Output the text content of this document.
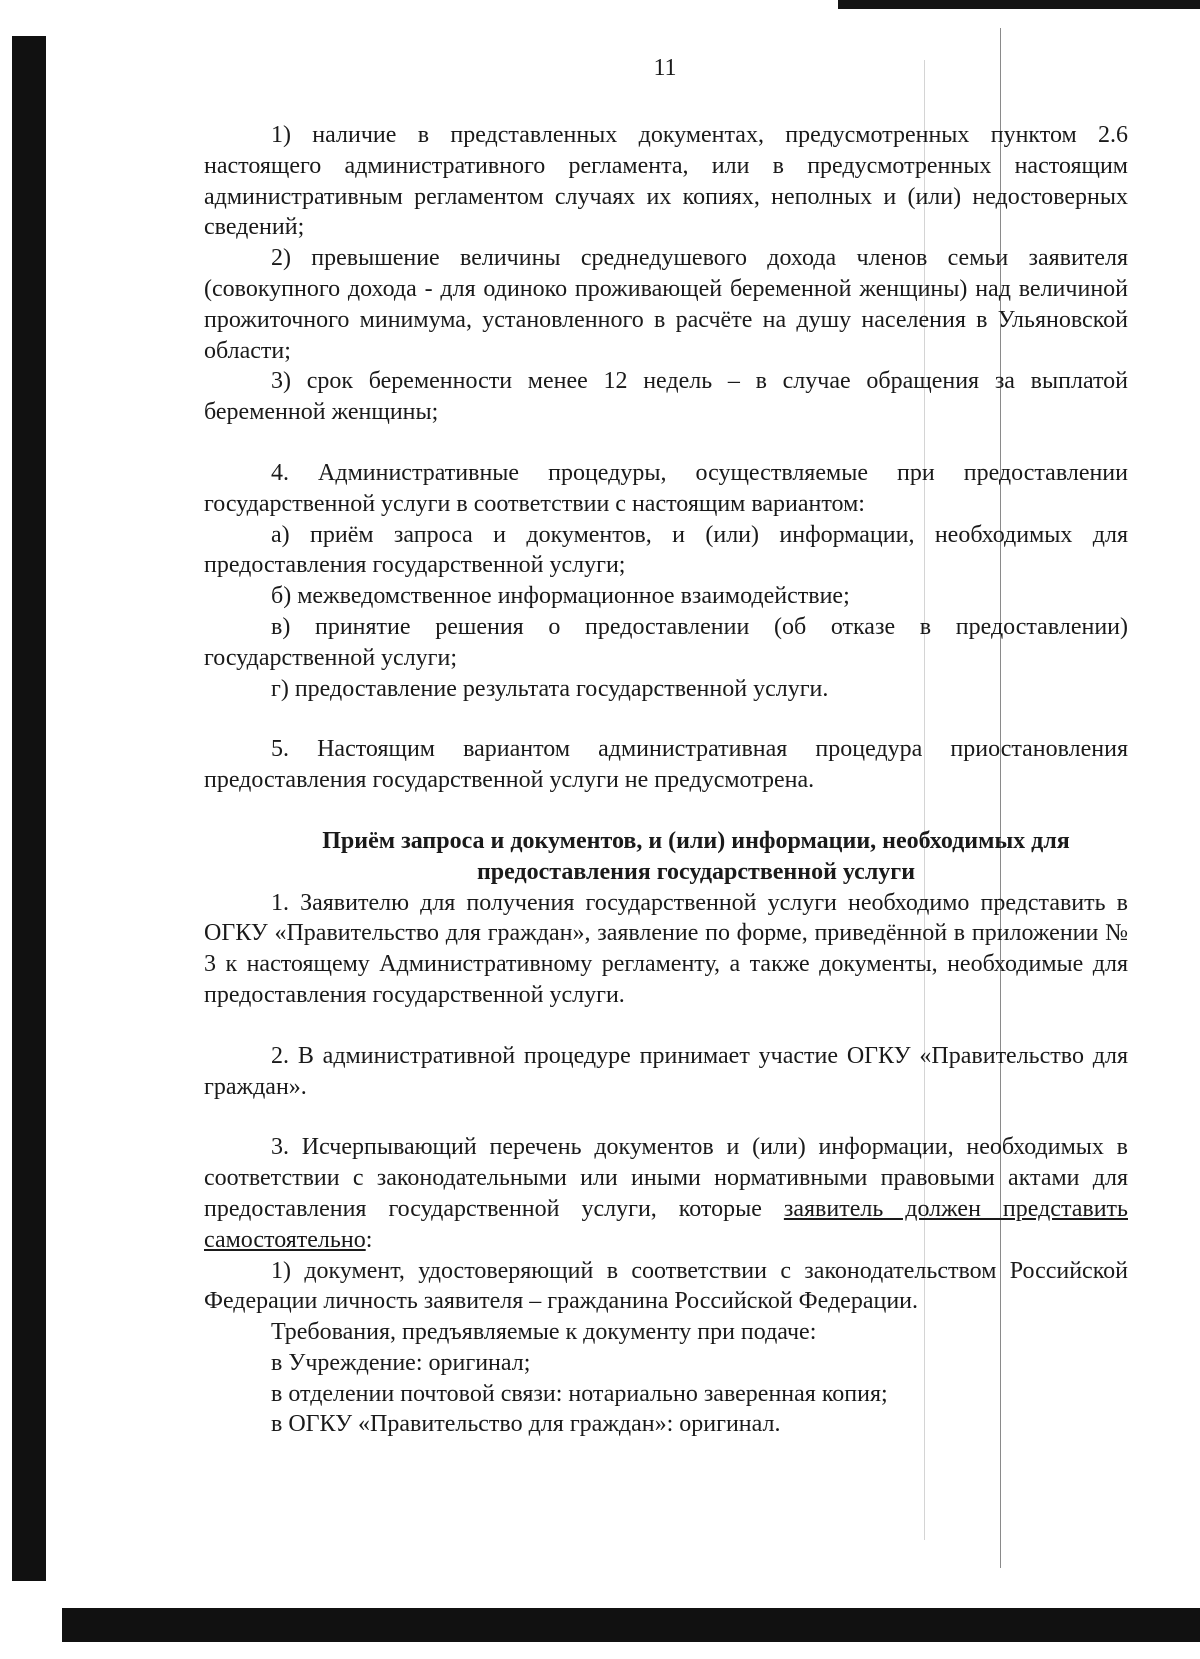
11

1) наличие в представленных документах, предусмотренных пунктом 2.6 настоящего административного регламента, или в предусмотренных настоящим административным регламентом случаях их копиях, неполных и (или) недостоверных сведений;

2) превышение величины среднедушевого дохода членов семьи заявителя (совокупного дохода - для одиноко проживающей беременной женщины) над величиной прожиточного минимума, установленного в расчёте на душу населения в Ульяновской области;

3) срок беременности менее 12 недель – в случае обращения за выплатой беременной женщины;

4. Административные процедуры, осуществляемые при предоставлении государственной услуги в соответствии с настоящим вариантом:

а) приём запроса и документов, и (или) информации, необходимых для предоставления государственной услуги;

б) межведомственное информационное взаимодействие;

в) принятие решения о предоставлении (об отказе в предоставлении) государственной услуги;

г) предоставление результата государственной услуги.

5. Настоящим вариантом административная процедура приостановления предоставления государственной услуги не предусмотрена.

Приём запроса и документов, и (или) информации, необходимых для предоставления государственной услуги

1. Заявителю для получения государственной услуги необходимо представить в ОГКУ «Правительство для граждан», заявление по форме, приведённой в приложении № 3 к настоящему Административному регламенту, а также документы, необходимые для предоставления государственной услуги.

2. В административной процедуре принимает участие ОГКУ «Правительство для граждан».

3. Исчерпывающий перечень документов и (или) информации, необходимых в соответствии с законодательными или иными нормативными правовыми актами для предоставления государственной услуги, которые заявитель должен представить самостоятельно:

1) документ, удостоверяющий в соответствии с законодательством Российской Федерации личность заявителя – гражданина Российской Федерации.

Требования, предъявляемые к документу при подаче:

в Учреждение: оригинал;

в отделении почтовой связи: нотариально заверенная копия;

в ОГКУ «Правительство для граждан»: оригинал.
